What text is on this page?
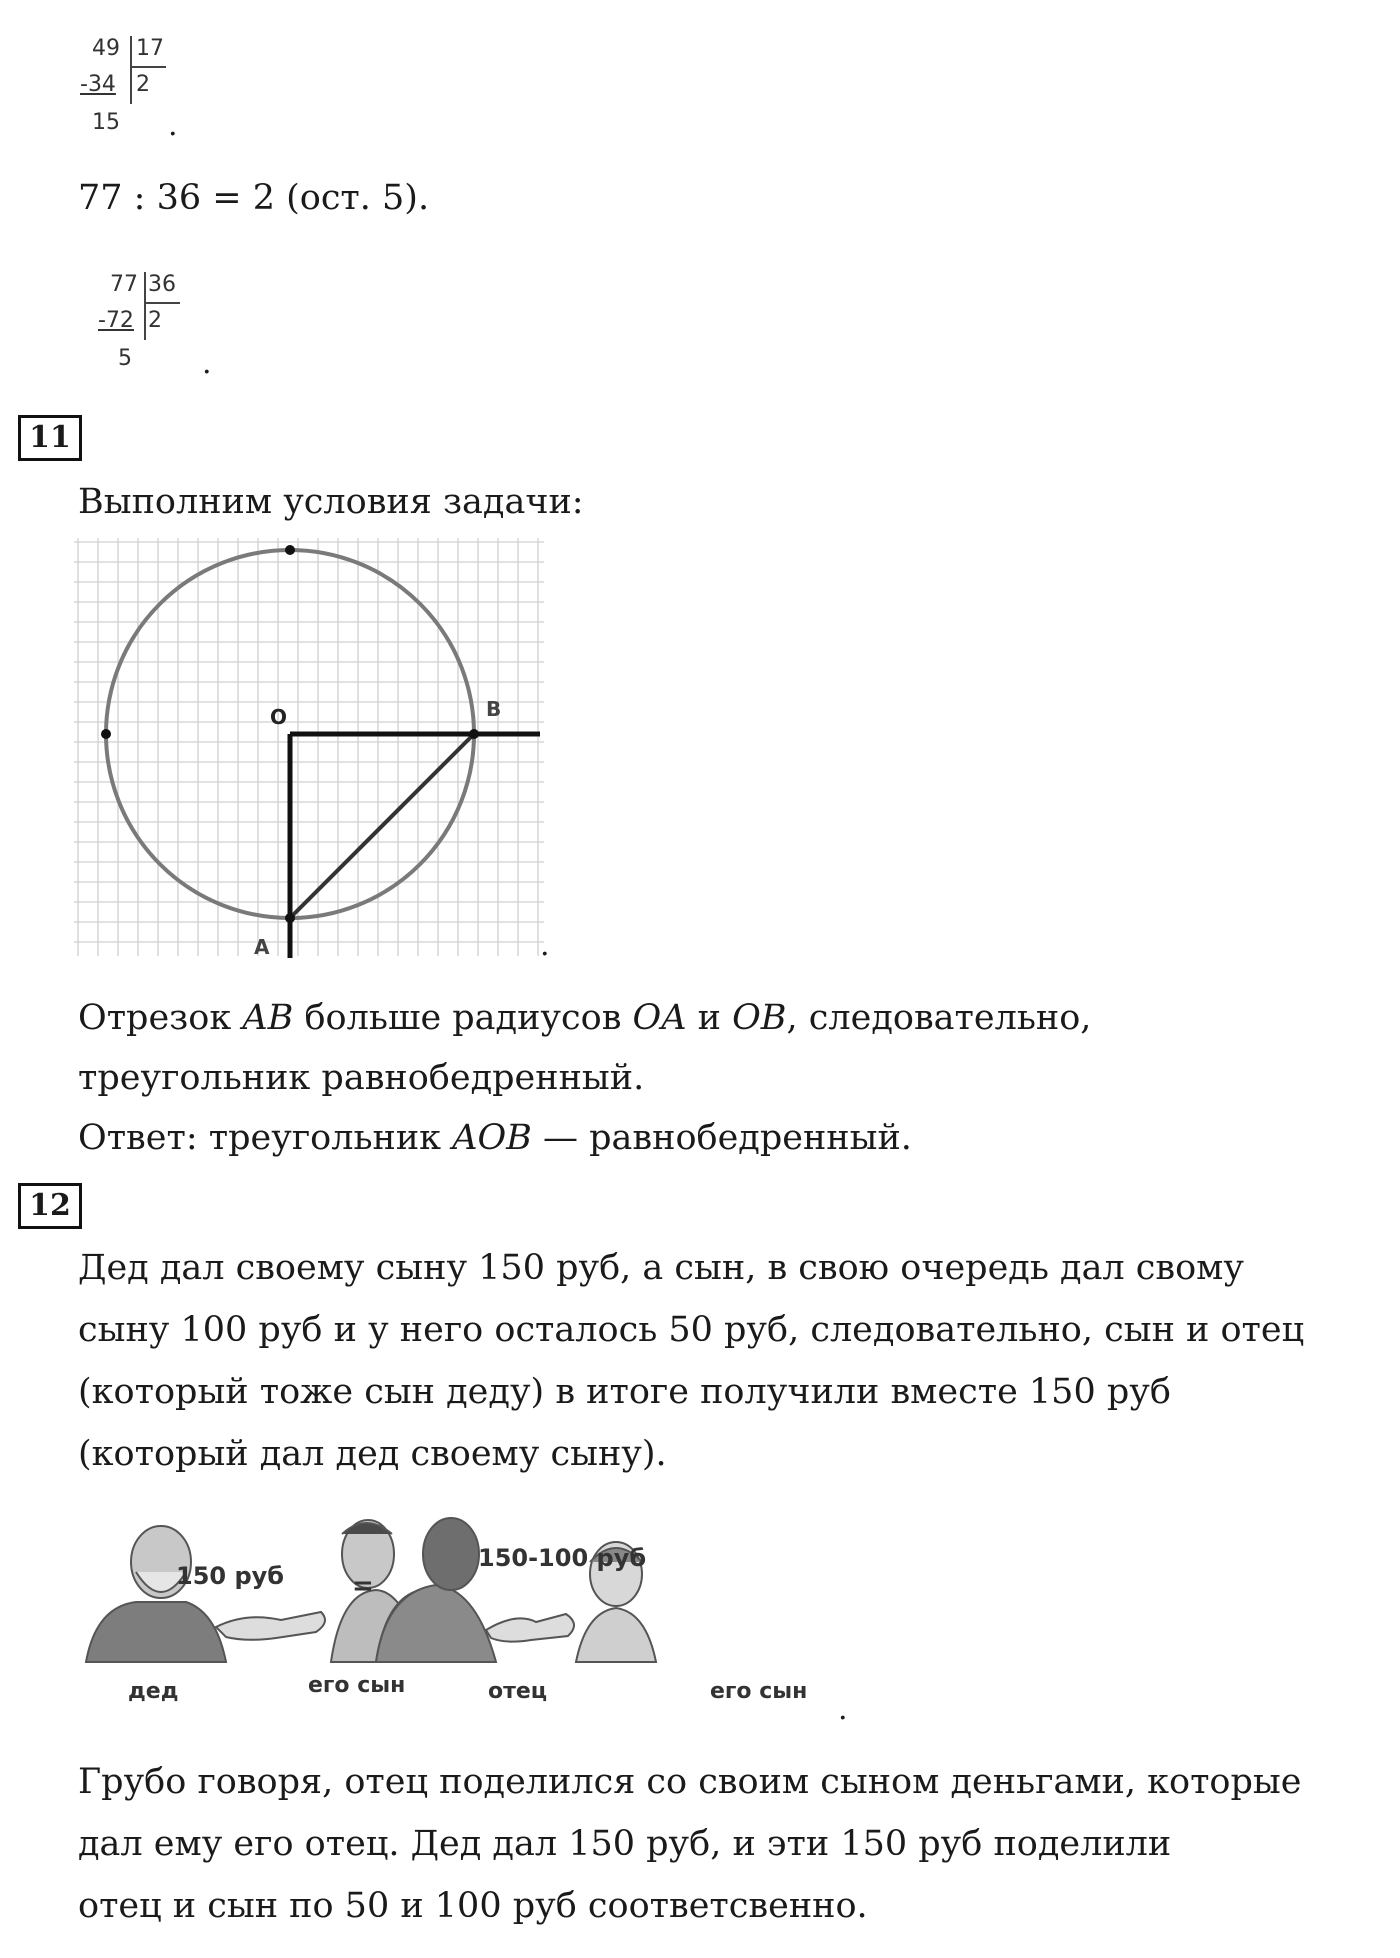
49 17
-34 2
15 .
77 : 36 = 2 (ост. 5).
77 36
-72 2
5 .
11
Выполним условия задачи:
O	B
A	.
Отрезок AB больше радиусов OA и OB, следовательно,
треугольник равнобедренный.
Ответ: треугольник AOB — равнобедренный.
12
Дед дал своему сыну 150 руб, а сын, в свою очередь дал свому
сыну 100 руб и у него осталось 50 руб, следовательно, сын и отец
(который тоже сын деду) в итоге получили вместе 150 руб
(который дал дед своему сыну).
150 руб	=
150-100 руб
дед	его сын	отец	его сын
.
Грубо говоря, отец поделился со своим сыном деньгами, которые
дал ему его отец. Дед дал 150 руб, и эти 150 руб поделили
отец и сын по 50 и 100 руб соответсвенно.
